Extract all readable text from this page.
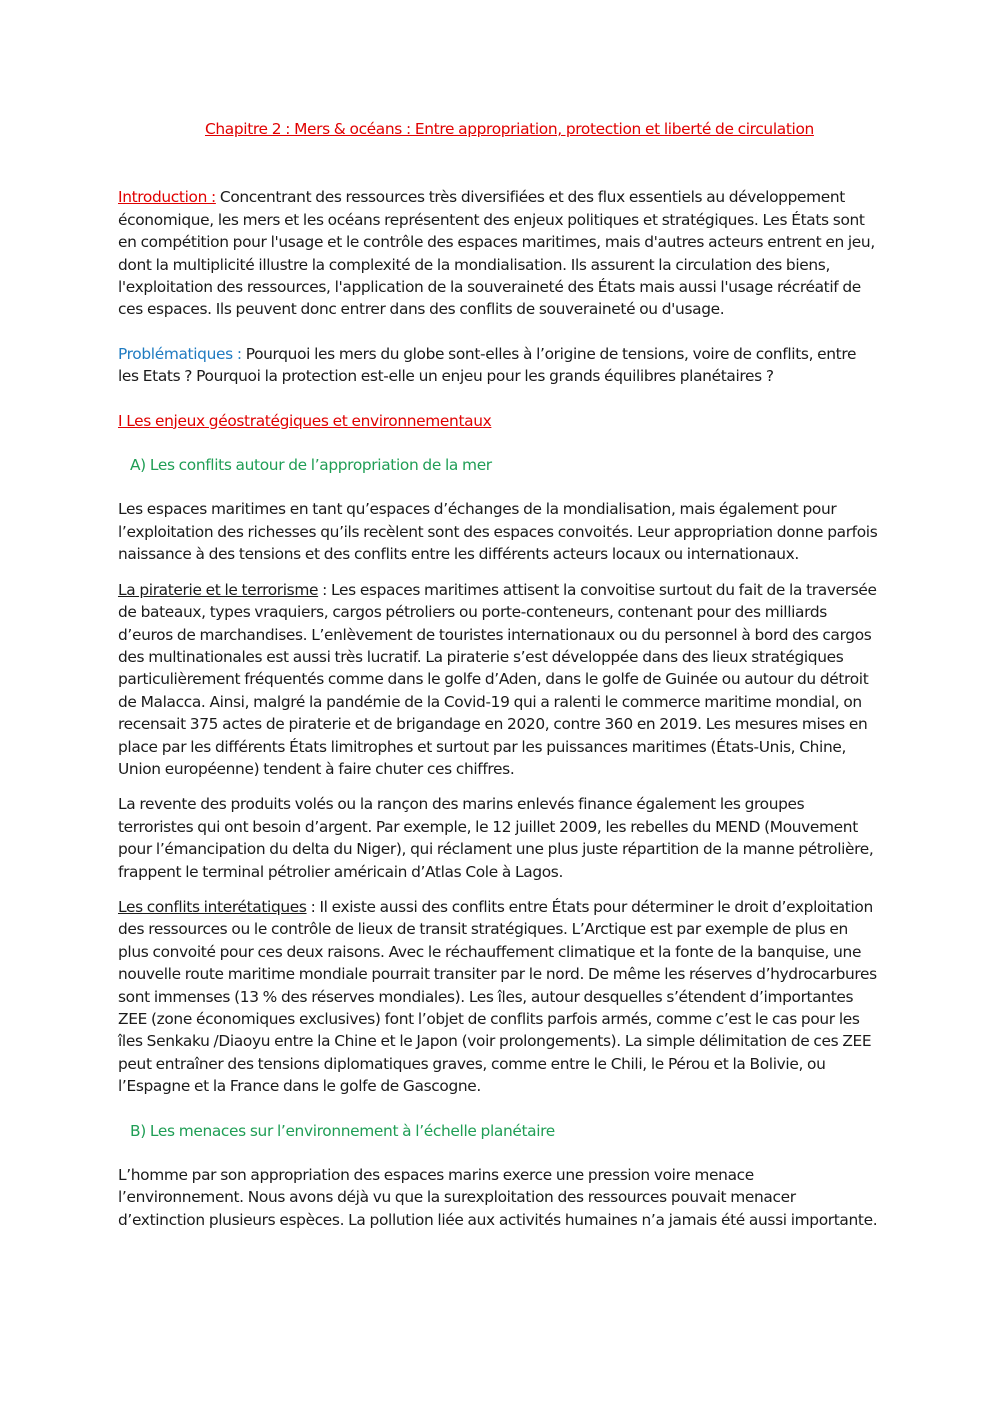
Chapitre 2 : Mers & océans : Entre appropriation, protection et liberté de circulation

Introduction : Concentrant des ressources très diversifiées et des flux essentiels au développement économique, les mers et les océans représentent des enjeux politiques et stratégiques. Les États sont en compétition pour l'usage et le contrôle des espaces maritimes, mais d'autres acteurs entrent en jeu, dont la multiplicité illustre la complexité de la mondialisation. Ils assurent la circulation des biens, l'exploitation des ressources, l'application de la souveraineté des États mais aussi l'usage récréatif de ces espaces. Ils peuvent donc entrer dans des conflits de souveraineté ou d'usage.

Problématiques : Pourquoi les mers du globe sont-elles à l’origine de tensions, voire de conflits, entre les Etats ? Pourquoi la protection est-elle un enjeu pour les grands équilibres planétaires ?

I Les enjeux géostratégiques et environnementaux
A) Les conflits autour de l’appropriation de la mer

Les espaces maritimes en tant qu’espaces d’échanges de la mondialisation, mais également pour l’exploitation des richesses qu’ils recèlent sont des espaces convoités. Leur appropriation donne parfois naissance à des tensions et des conflits entre les différents acteurs locaux ou internationaux.

La piraterie et le terrorisme : Les espaces maritimes attisent la convoitise surtout du fait de la traversée de bateaux, types vraquiers, cargos pétroliers ou porte-conteneurs, contenant pour des milliards d’euros de marchandises. L’enlèvement de touristes internationaux ou du personnel à bord des cargos des multinationales est aussi très lucratif. La piraterie s’est développée dans des lieux stratégiques particulièrement fréquentés comme dans le golfe d’Aden, dans le golfe de Guinée ou autour du détroit de Malacca. Ainsi, malgré la pandémie de la Covid-19 qui a ralenti le commerce maritime mondial, on recensait 375 actes de piraterie et de brigandage en 2020, contre 360 en 2019. Les mesures mises en place par les différents États limitrophes et surtout par les puissances maritimes (États-Unis, Chine, Union européenne) tendent à faire chuter ces chiffres.

La revente des produits volés ou la rançon des marins enlevés finance également les groupes terroristes qui ont besoin d’argent. Par exemple, le 12 juillet 2009, les rebelles du MEND (Mouvement pour l’émancipation du delta du Niger), qui réclament une plus juste répartition de la manne pétrolière, frappent le terminal pétrolier américain d’Atlas Cole à Lagos.

Les conflits interétatiques : Il existe aussi des conflits entre États pour déterminer le droit d’exploitation des ressources ou le contrôle de lieux de transit stratégiques. L’Arctique est par exemple de plus en plus convoité pour ces deux raisons. Avec le réchauffement climatique et la fonte de la banquise, une nouvelle route maritime mondiale pourrait transiter par le nord. De même les réserves d’hydrocarbures sont immenses (13 % des réserves mondiales). Les îles, autour desquelles s’étendent d’importantes ZEE (zone économiques exclusives) font l’objet de conflits parfois armés, comme c’est le cas pour les îles Senkaku /Diaoyu entre la Chine et le Japon (voir prolongements). La simple délimitation de ces ZEE peut entraîner des tensions diplomatiques graves, comme entre le Chili, le Pérou et la Bolivie, ou l’Espagne et la France dans le golfe de Gascogne.

B) Les menaces sur l’environnement à l’échelle planétaire

L’homme par son appropriation des espaces marins exerce une pression voire menace l’environnement. Nous avons déjà vu que la surexploitation des ressources pouvait menacer d’extinction plusieurs espèces. La pollution liée aux activités humaines n’a jamais été aussi importante.
